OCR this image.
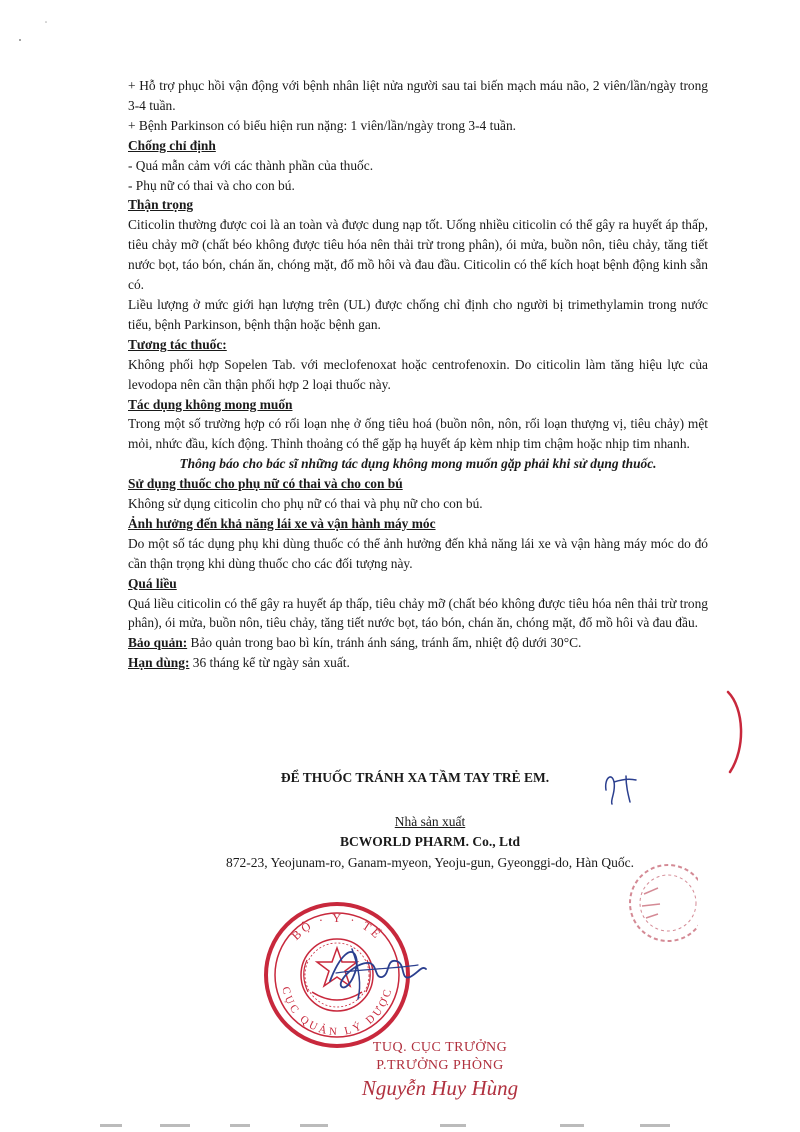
+ Hỗ trợ phục hồi vận động với bệnh nhân liệt nửa người sau tai biến mạch máu não, 2 viên/lần/ngày trong 3-4 tuần.

+ Bệnh Parkinson có biểu hiện run nặng: 1 viên/lần/ngày trong 3-4 tuần.

Chống chỉ định

- Quá mẫn cảm với các thành phần của thuốc.

- Phụ nữ có thai và cho con bú.

Thận trọng

Citicolin thường được coi là an toàn và được dung nạp tốt. Uống nhiều citicolin có thể gây ra huyết áp thấp, tiêu chảy mỡ (chất béo không được tiêu hóa nên thải trừ trong phân), ói mửa, buồn nôn, tiêu chảy, tăng tiết nước bọt, táo bón, chán ăn, chóng mặt, đổ mồ hôi và đau đầu. Citicolin có thể kích hoạt bệnh động kinh sẵn có.

Liều lượng ở mức giới hạn lượng trên (UL) được chống chỉ định cho người bị trimethylamin trong nước tiểu, bệnh Parkinson, bệnh thận hoặc bệnh gan.

Tương tác thuốc:

Không phối hợp Sopelen Tab. với meclofenoxat hoặc centrofenoxin. Do citicolin làm tăng hiệu lực của levodopa nên cần thận phối hợp 2 loại thuốc này.

Tác dụng không mong muốn

Trong một số trường hợp có rối loạn nhẹ ở ống tiêu hoá (buồn nôn, nôn, rối loạn thượng vị, tiêu chảy) mệt mỏi, nhức đầu, kích động. Thỉnh thoảng có thể gặp hạ huyết áp kèm nhịp tim chậm hoặc nhịp tim nhanh.

Thông báo cho bác sĩ những tác dụng không mong muốn gặp phải khi sử dụng thuốc.

Sử dụng thuốc cho phụ nữ có thai và cho con bú

Không sử dụng citicolin cho phụ nữ có thai và phụ nữ cho con bú.

Ảnh hưởng đến khả năng lái xe và vận hành máy móc

Do một số tác dụng phụ khi dùng thuốc có thể ảnh hưởng đến khả năng lái xe và vận hàng máy móc do đó cần thận trọng khi dùng thuốc cho các đối tượng này.

Quá liều

Quá liều citicolin có thể gây ra huyết áp thấp, tiêu chảy mỡ (chất béo không được tiêu hóa nên thải trừ trong phân), ói mửa, buồn nôn, tiêu chảy, tăng tiết nước bọt, táo bón, chán ăn, chóng mặt, đổ mồ hôi và đau đầu.

Bảo quản: Bảo quản trong bao bì kín, tránh ánh sáng, tránh ẩm, nhiệt độ dưới 30°C.

Hạn dùng: 36 tháng kể từ ngày sản xuất.

ĐỂ THUỐC TRÁNH XA TẦM TAY TRẺ EM.
Nhà sản xuất
BCWORLD PHARM. Co., Ltd
872-23, Yeojunam-ro, Ganam-myeon, Yeoju-gun, Gyeonggi-do, Hàn Quốc.
BỘ · Y · TẾ
CỤC QUẢN LÝ DƯỢC
TUQ. CỤC TRƯỞNG
P.TRƯỞNG PHÒNG
Nguyễn Huy Hùng
